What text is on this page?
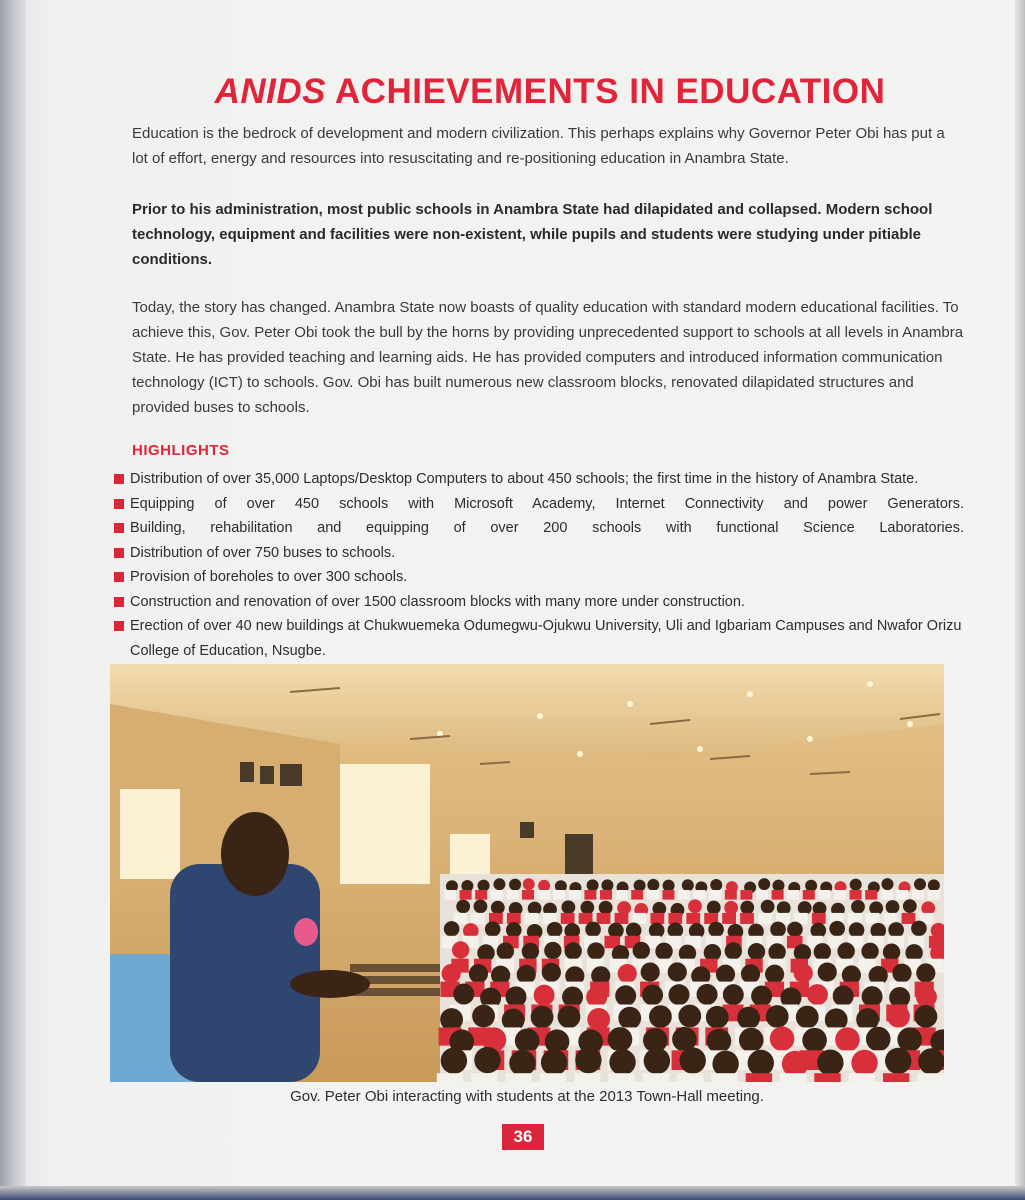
ANIDS ACHIEVEMENTS IN EDUCATION

Education is the bedrock of development and modern civilization. This perhaps explains why Governor Peter Obi has put a lot of effort, energy and resources into resuscitating and re-positioning education in Anambra State.

Prior to his administration, most public schools in Anambra State had dilapidated and collapsed. Modern school technology, equipment and facilities were non-existent, while pupils and students were studying under pitiable conditions.

Today, the story has changed. Anambra State now boasts of quality education with standard modern educational facilities. To achieve this, Gov. Peter Obi took the bull by the horns by providing unprecedented support to schools at all levels in Anambra State. He has provided teaching and learning aids. He has provided computers and introduced information communication technology (ICT) to schools. Gov. Obi has built numerous new classroom blocks, renovated dilapidated structures and provided buses to schools.

HIGHLIGHTS
Distribution of over 35,000 Laptops/Desktop Computers to about 450 schools; the first time in the history of Anambra State.
Equipping of over 450 schools with Microsoft Academy, Internet Connectivity and power Generators.
Building, rehabilitation and equipping of over 200 schools with functional Science Laboratories.
Distribution of over 750 buses to schools.
Provision of boreholes to over 300 schools.
Construction and renovation of over 1500 classroom blocks with many more under construction.
Erection of over 40 new buildings at Chukwuemeka Odumegwu-Ojukwu University, Uli and Igbariam Campuses and Nwafor Orizu College of Education, Nsugbe.

Gov. Peter Obi interacting with students at the 2013 Town-Hall meeting.

36
